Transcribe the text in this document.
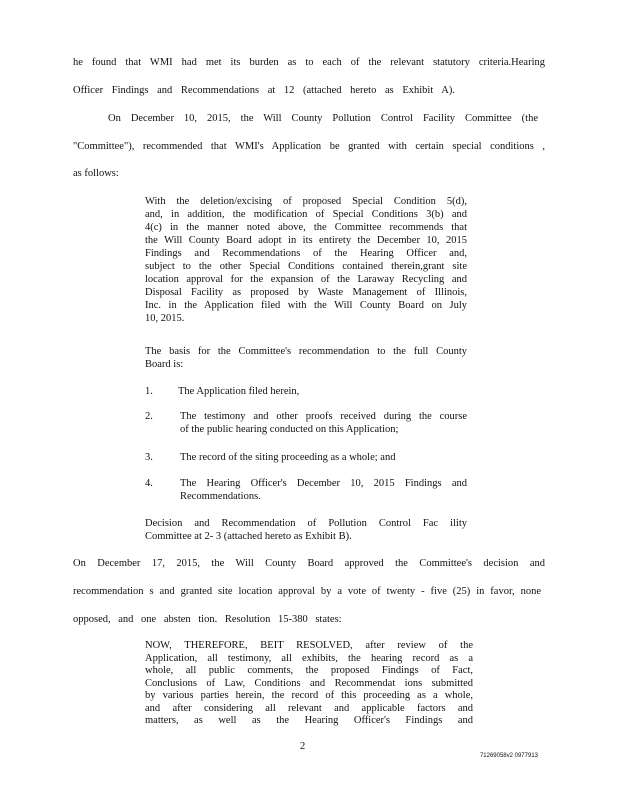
he found that WMI had met its burden as to each of the relevant statutory criteria.Hearing
Officer Findings and Recommendations at 12 (attached hereto as Exhibit A).
On December 10, 2015, the Will County Pollution Control Facility Committee (the
"Committee"), recommended that WMI's Application be granted with certain special conditions ,
as follows:
With the deletion/excising of proposed Special Condition 5(d),
and, in addition, the modification of Special Conditions 3(b) and
4(c) in the manner noted above, the Committee recommends that
the Will County Board adopt in its entirety the December 10, 2015
Findings and Recommendations of the Hearing Officer and,
subject to the other Special Conditions contained therein,grant site
location approval for the expansion of the Laraway Recycling and
Disposal Facility as proposed by Waste Management of Illinois,
Inc. in the Application filed with the Will County Board on July
10, 2015.
The basis for the Committee's recommendation to the full County
Board is:
1. The Application filed herein,
2.	The testimony and other proofs received during the course
of the public hearing conducted on this Application;
3.	The record of the siting proceeding as a whole; and
4.	The Hearing Officer's December 10, 2015 Findings and
Recommendations.
Decision and Recommendation of Pollution Control Fac ility
Committee at 2- 3 (attached hereto as Exhibit B).
On December 17, 2015, the Will County Board approved the Committee's decision and
recommendation s and granted site location approval by a vote of twenty - five (25) in favor, none
opposed, and one absten tion. Resolution 15-380 states:
NOW, THEREFORE, BEIT RESOLVED, after review of the
Application, all testimony, all exhibits, the hearing record as a
whole, all public comments, the proposed Findings of Fact,
Conclusions of Law, Conditions and Recommendat ions submitted
by various parties herein, the record of this proceeding as a whole,
and after considering all relevant and applicable factors and
matters, as well as the Hearing Officer's Findings and
2
71269058v2 0977913
